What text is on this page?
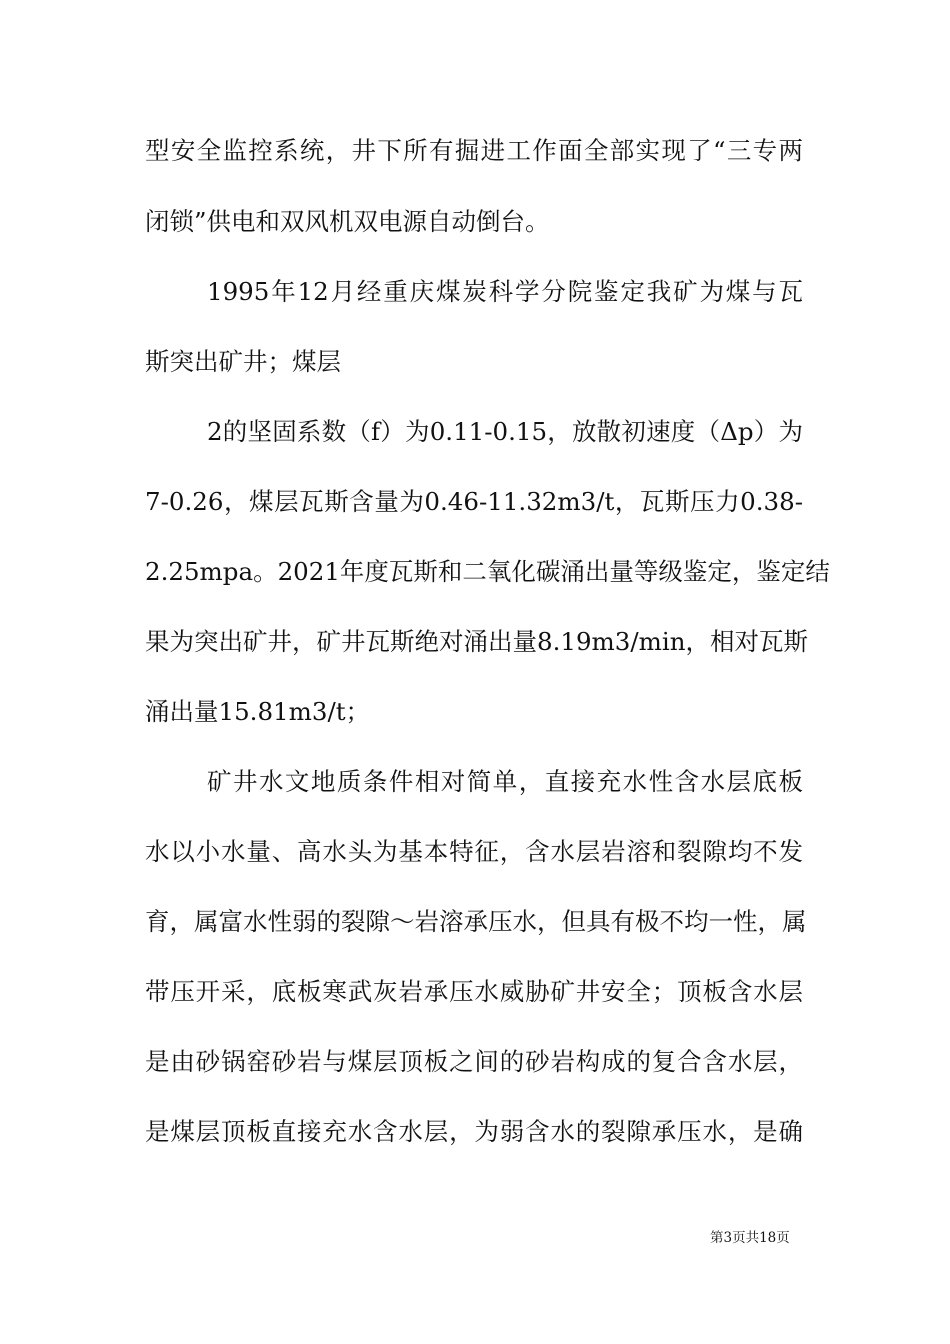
型安全监控系统，井下所有掘进工作面全部实现了“三专两
闭锁”供电和双风机双电源自动倒台。
1995年12月经重庆煤炭科学分院鉴定我矿为煤与瓦
斯突出矿井；煤层
2的坚固系数（f）为0.11-0.15，放散初速度（Δp）为
7-0.26，煤层瓦斯含量为0.46-11.32m3/t，瓦斯压力0.38-
2.25mpa。2021年度瓦斯和二氧化碳涌出量等级鉴定，鉴定结
果为突出矿井，矿井瓦斯绝对涌出量8.19m3/min，相对瓦斯
涌出量15.81m3/t；
矿井水文地质条件相对简单，直接充水性含水层底板
水以小水量、高水头为基本特征，含水层岩溶和裂隙均不发
育，属富水性弱的裂隙～岩溶承压水，但具有极不均一性，属
带压开采，底板寒武灰岩承压水威胁矿井安全；顶板含水层
是由砂锅窑砂岩与煤层顶板之间的砂岩构成的复合含水层，
是煤层顶板直接充水含水层，为弱含水的裂隙承压水，是确
第3页共18页
